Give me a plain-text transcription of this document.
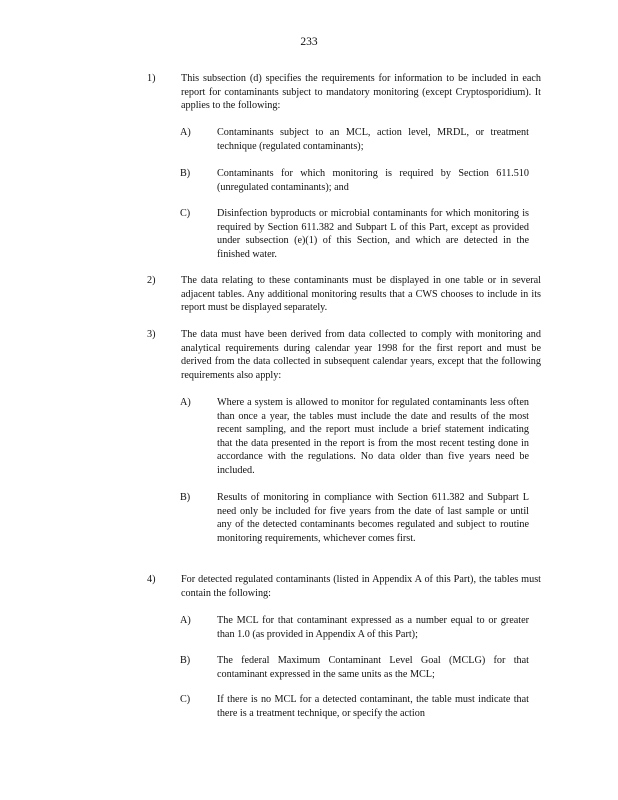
233
1)	This subsection (d) specifies the requirements for information to be included in each report for contaminants subject to mandatory monitoring (except Cryptosporidium). It applies to the following:
A)	Contaminants subject to an MCL, action level, MRDL, or treatment technique (regulated contaminants);
B)	Contaminants for which monitoring is required by Section 611.510 (unregulated contaminants); and
C)	Disinfection byproducts or microbial contaminants for which monitoring is required by Section 611.382 and Subpart L of this Part, except as provided under subsection (e)(1) of this Section, and which are detected in the finished water.
2)	The data relating to these contaminants must be displayed in one table or in several adjacent tables. Any additional monitoring results that a CWS chooses to include in its report must be displayed separately.
3)	The data must have been derived from data collected to comply with monitoring and analytical requirements during calendar year 1998 for the first report and must be derived from the data collected in subsequent calendar years, except that the following requirements also apply:
A)	Where a system is allowed to monitor for regulated contaminants less often than once a year, the tables must include the date and results of the most recent sampling, and the report must include a brief statement indicating that the data presented in the report is from the most recent testing done in accordance with the regulations. No data older than five years need be included.
B)	Results of monitoring in compliance with Section 611.382 and Subpart L need only be included for five years from the date of last sample or until any of the detected contaminants becomes regulated and subject to routine monitoring requirements, whichever comes first.
4)	For detected regulated contaminants (listed in Appendix A of this Part), the tables must contain the following:
A)	The MCL for that contaminant expressed as a number equal to or greater than 1.0 (as provided in Appendix A of this Part);
B)	The federal Maximum Contaminant Level Goal (MCLG) for that contaminant expressed in the same units as the MCL;
C)	If there is no MCL for a detected contaminant, the table must indicate that there is a treatment technique, or specify the action
